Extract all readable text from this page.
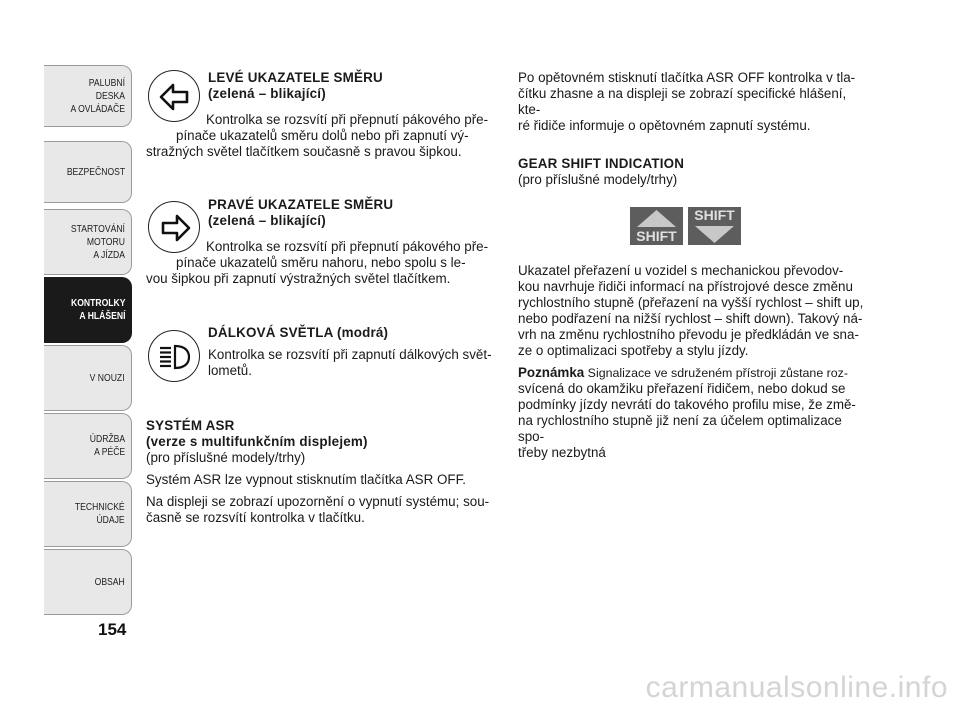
PALUBNÍ DESKA
A OVLÁDAČE
BEZPEČNOST
STARTOVÁNÍ
MOTORU
A JÍZDA
KONTROLKY
A HLÁŠENÍ
V NOUZI
ÚDRŽBA
A PÉČE
TECHNICKÉ
ÚDAJE
OBSAH
154
LEVÉ UKAZATELE SMĚRU
(zelená – blikající)
Kontrolka se rozsvítí při přepnutí pákového pře-
pínače ukazatelů směru dolů nebo při zapnutí vý-
stražných světel tlačítkem současně s pravou šipkou.
PRAVÉ UKAZATELE SMĚRU
(zelená – blikající)
Kontrolka se rozsvítí při přepnutí pákového pře-
pínače ukazatelů směru nahoru, nebo spolu s le-
vou šipkou při zapnutí výstražných světel tlačítkem.
DÁLKOVÁ SVĚTLA (modrá)
Kontrolka se rozsvítí při zapnutí dálkových svět-
lometů.
SYSTÉM ASR
(verze s multifunkčním displejem)
(pro příslušné modely/trhy)
Systém ASR lze vypnout stisknutím tlačítka ASR OFF.
Na displeji se zobrazí upozornění o vypnutí systému; sou-
časně se rozsvítí kontrolka v tlačítku.
Po opětovném stisknutí tlačítka ASR OFF kontrolka v tla-
čítku zhasne a na displeji se zobrazí specifické hlášení, kte-
ré řidiče informuje o opětovném zapnutí systému.
GEAR SHIFT INDICATION
(pro příslušné modely/trhy)
SHIFT
SHIFT
Ukazatel přeřazení u vozidel s mechanickou převodov-
kou navrhuje řidiči informací na přístrojové desce změnu
rychlostního stupně (přeřazení na vyšší rychlost – shift up,
nebo podřazení na nižší rychlost – shift down). Takový ná-
vrh na změnu rychlostního převodu je předkládán ve sna-
ze o optimalizaci spotřeby a stylu jízdy.
Poznámka Signalizace ve sdruženém přístroji zůstane roz-
svícená do okamžiku přeřazení řidičem, nebo dokud se
podmínky jízdy nevrátí do takového profilu mise, že změ-
na rychlostního stupně již není za účelem optimalizace spo-
třeby nezbytná
carmanualsonline.info
